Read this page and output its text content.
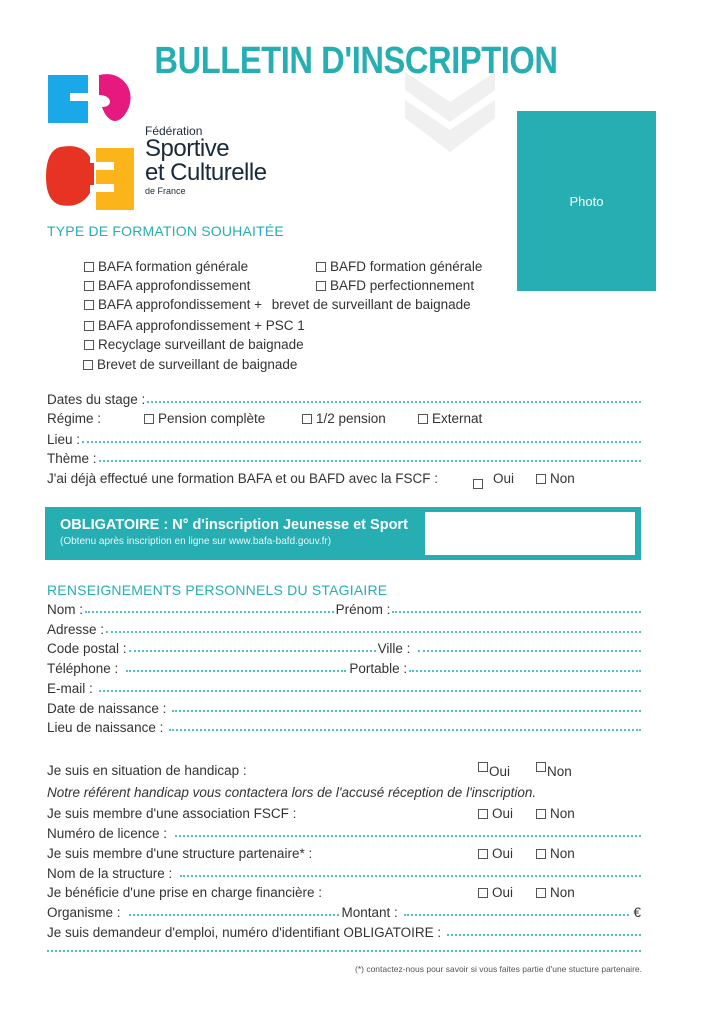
BULLETIN D'INSCRIPTION
Photo
Fédération
Sportive
et Culturelle
de France
TYPE DE FORMATION SOUHAITÉE
BAFA formation générale	BAFD formation générale
BAFA approfondissement	BAFD perfectionnement
BAFA approfondissement + brevet de surveillant de baignade
BAFA approfondissement + PSC 1
Recyclage surveillant de baignade
Brevet de surveillant de baignade
Dates du stage :
Régime :	Pension complète	1/2 pension	Externat
Lieu :
Thème :
J'ai déjà effectué une formation BAFA et ou BAFD avec la FSCF :	Oui	Non
OBLIGATOIRE : N° d'inscription Jeunesse et Sport
(Obtenu après inscription en ligne sur www.bafa-bafd.gouv.fr)
RENSEIGNEMENTS PERSONNELS DU STAGIAIRE
Nom :	Prénom :
Adresse :
Code postal :	Ville :
Téléphone :	Portable :
E-mail :
Date de naissance :
Lieu de naissance :
Je suis en situation de handicap :	Oui	Non
Notre référent handicap vous contactera lors de l'accusé réception de l'inscription.
Je suis membre d'une association FSCF :	Oui	Non
Numéro de licence :
Je suis membre d'une structure partenaire* :	Oui	Non
Nom de la structure :
Je bénéficie d'une prise en charge financière :	Oui	Non
Organisme :	Montant :	€
Je suis demandeur d'emploi, numéro d'identifiant OBLIGATOIRE :
(*) contactez-nous pour savoir si vous faites partie d'une stucture partenaire.
